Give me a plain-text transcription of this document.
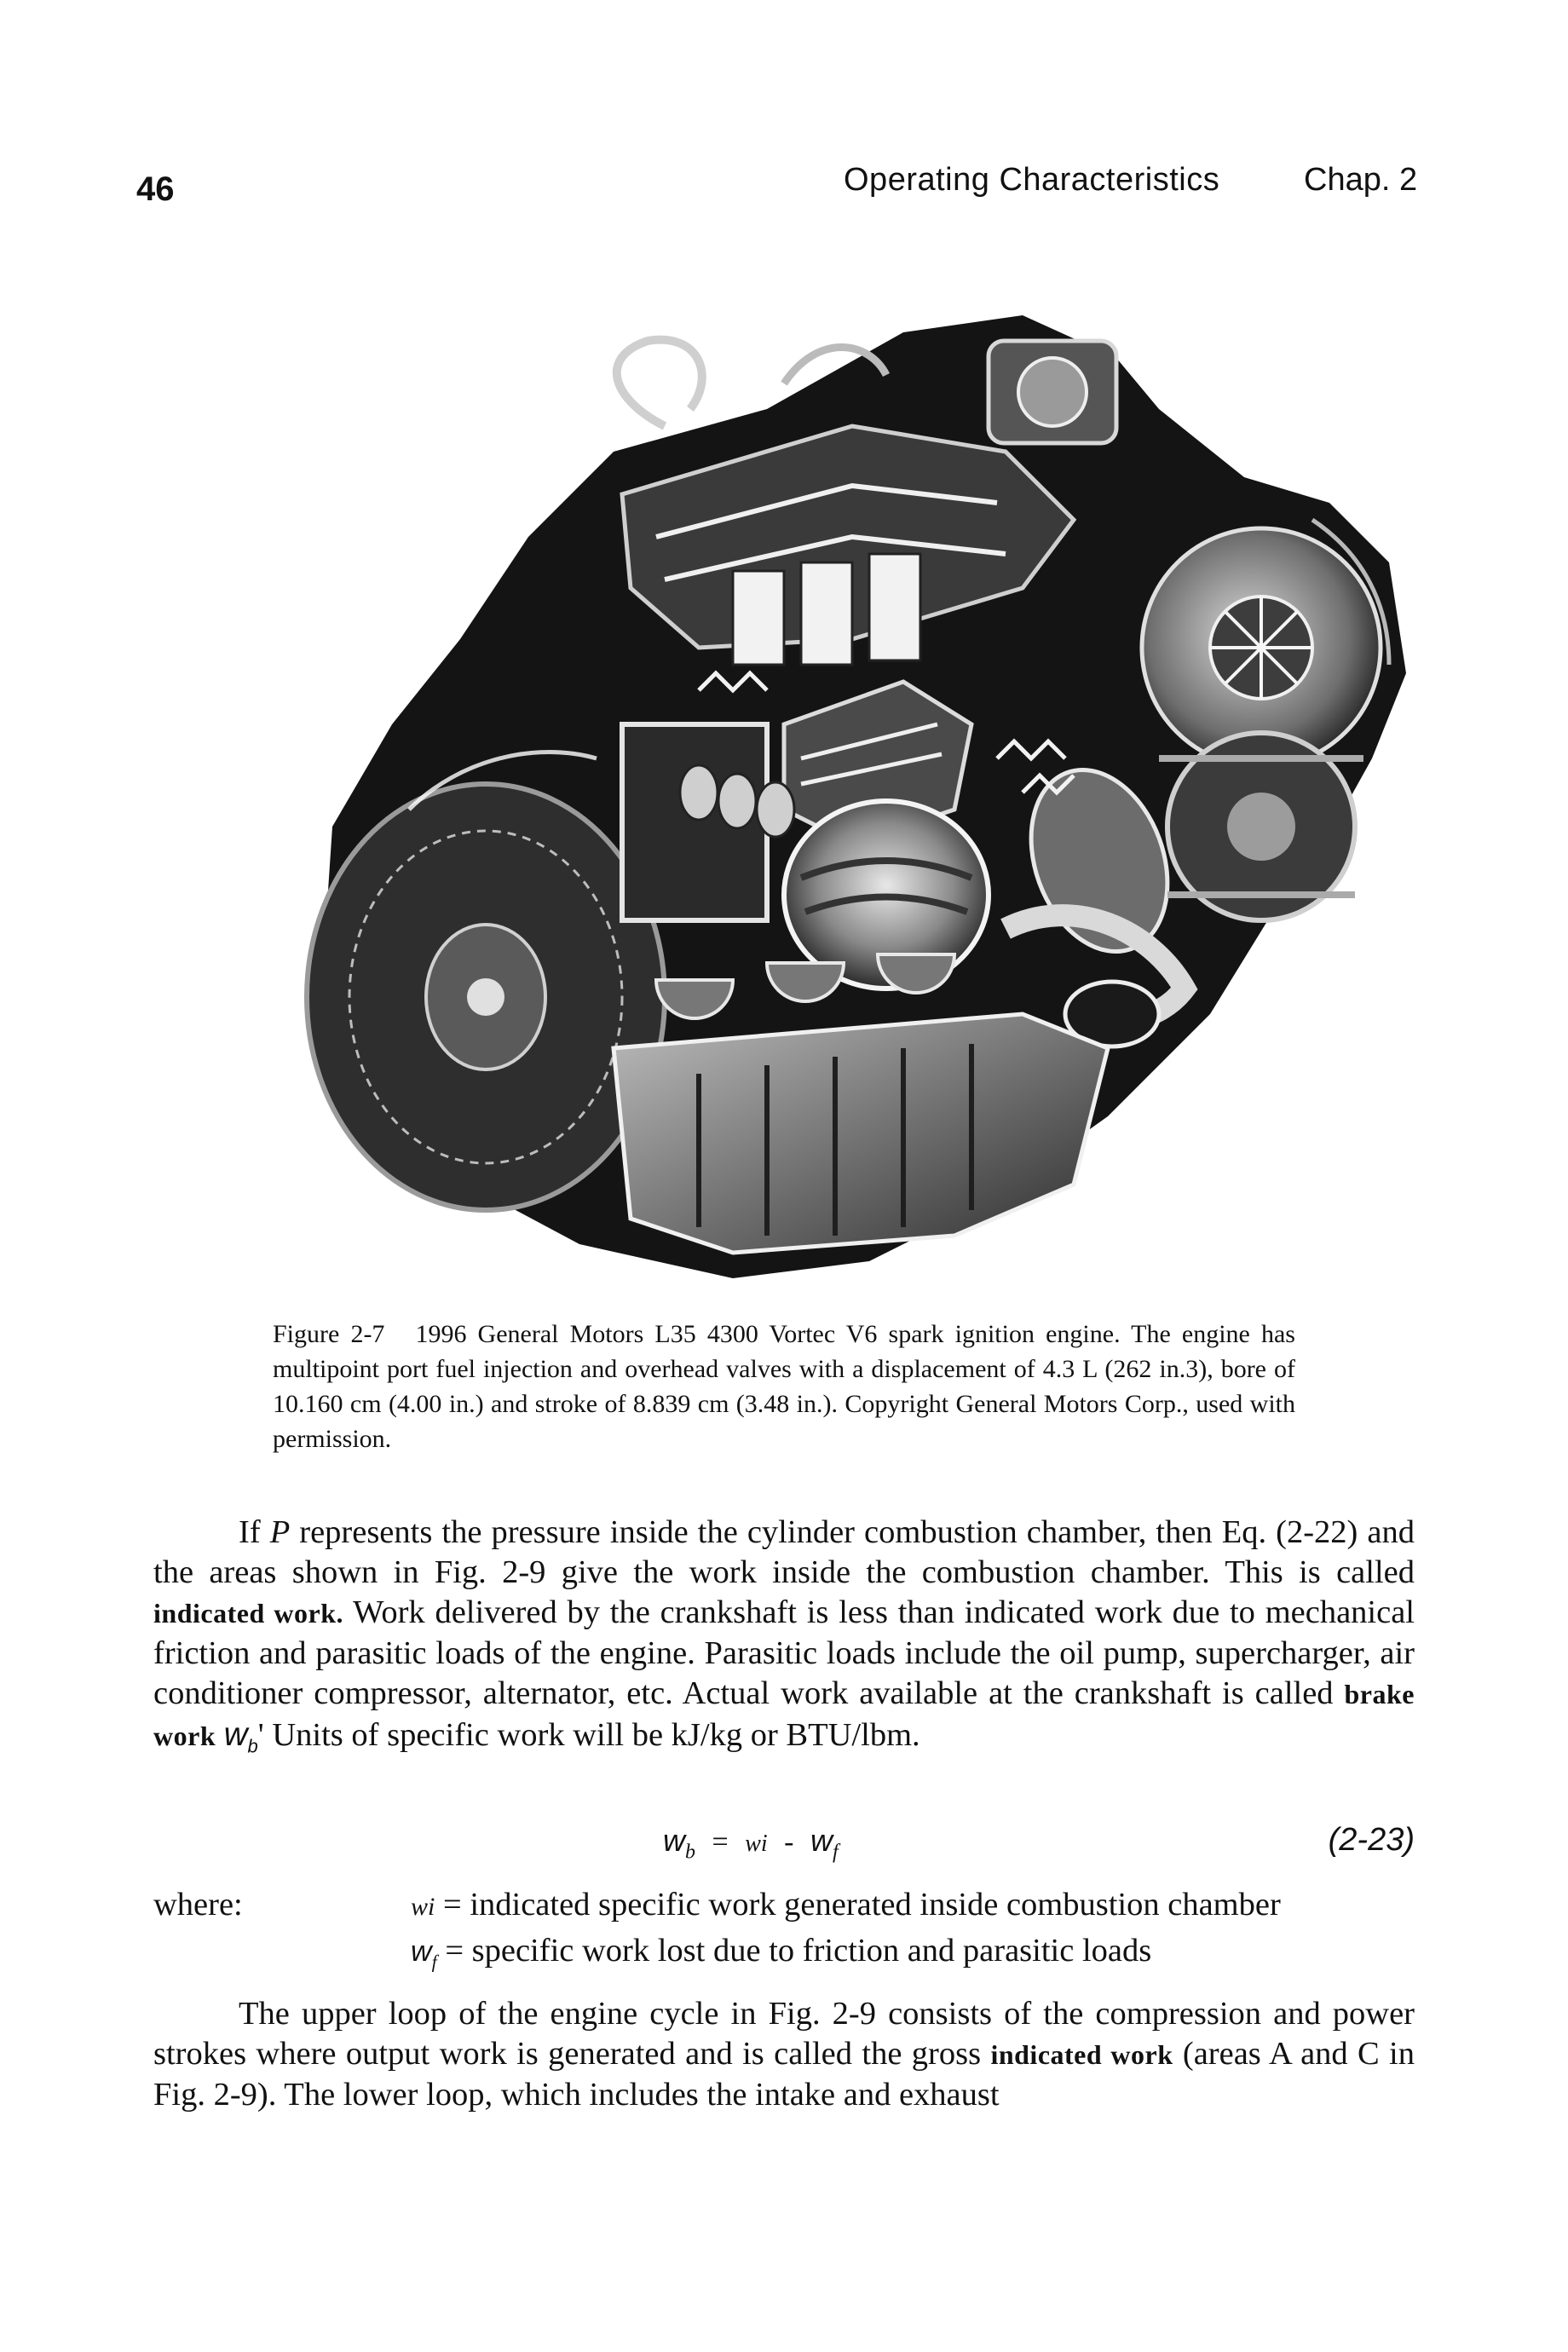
46	Operating Characteristics	Chap. 2
Figure 2-7 1996 General Motors L35 4300 Vortec V6 spark ignition engine. The engine has multipoint port fuel injection and overhead valves with a displacement of 4.3 L (262 in.3), bore of 10.160 cm (4.00 in.) and stroke of 8.839 cm (3.48 in.). Copyright General Motors Corp., used with permission.

If P represents the pressure inside the cylinder combustion chamber, then Eq. (2-22) and the areas shown in Fig. 2-9 give the work inside the combustion chamber. This is called indicated work. Work delivered by the crankshaft is less than indicated work due to mechanical friction and parasitic loads of the engine. Parasitic loads include the oil pump, supercharger, air conditioner compressor, alternator, etc. Actual work available at the crankshaft is called brake work $w_b'$ Units of specific work will be kJ/kg or BTU/lbm.

$w_b$ = wi - $w_f$	(2-23)
where:	wi = indicated specific work generated inside combustion chamber
$w_f$ = specific work lost due to friction and parasitic loads

The upper loop of the engine cycle in Fig. 2-9 consists of the compression and power strokes where output work is generated and is called the gross indicated work (areas A and C in Fig. 2-9). The lower loop, which includes the intake and exhaust
